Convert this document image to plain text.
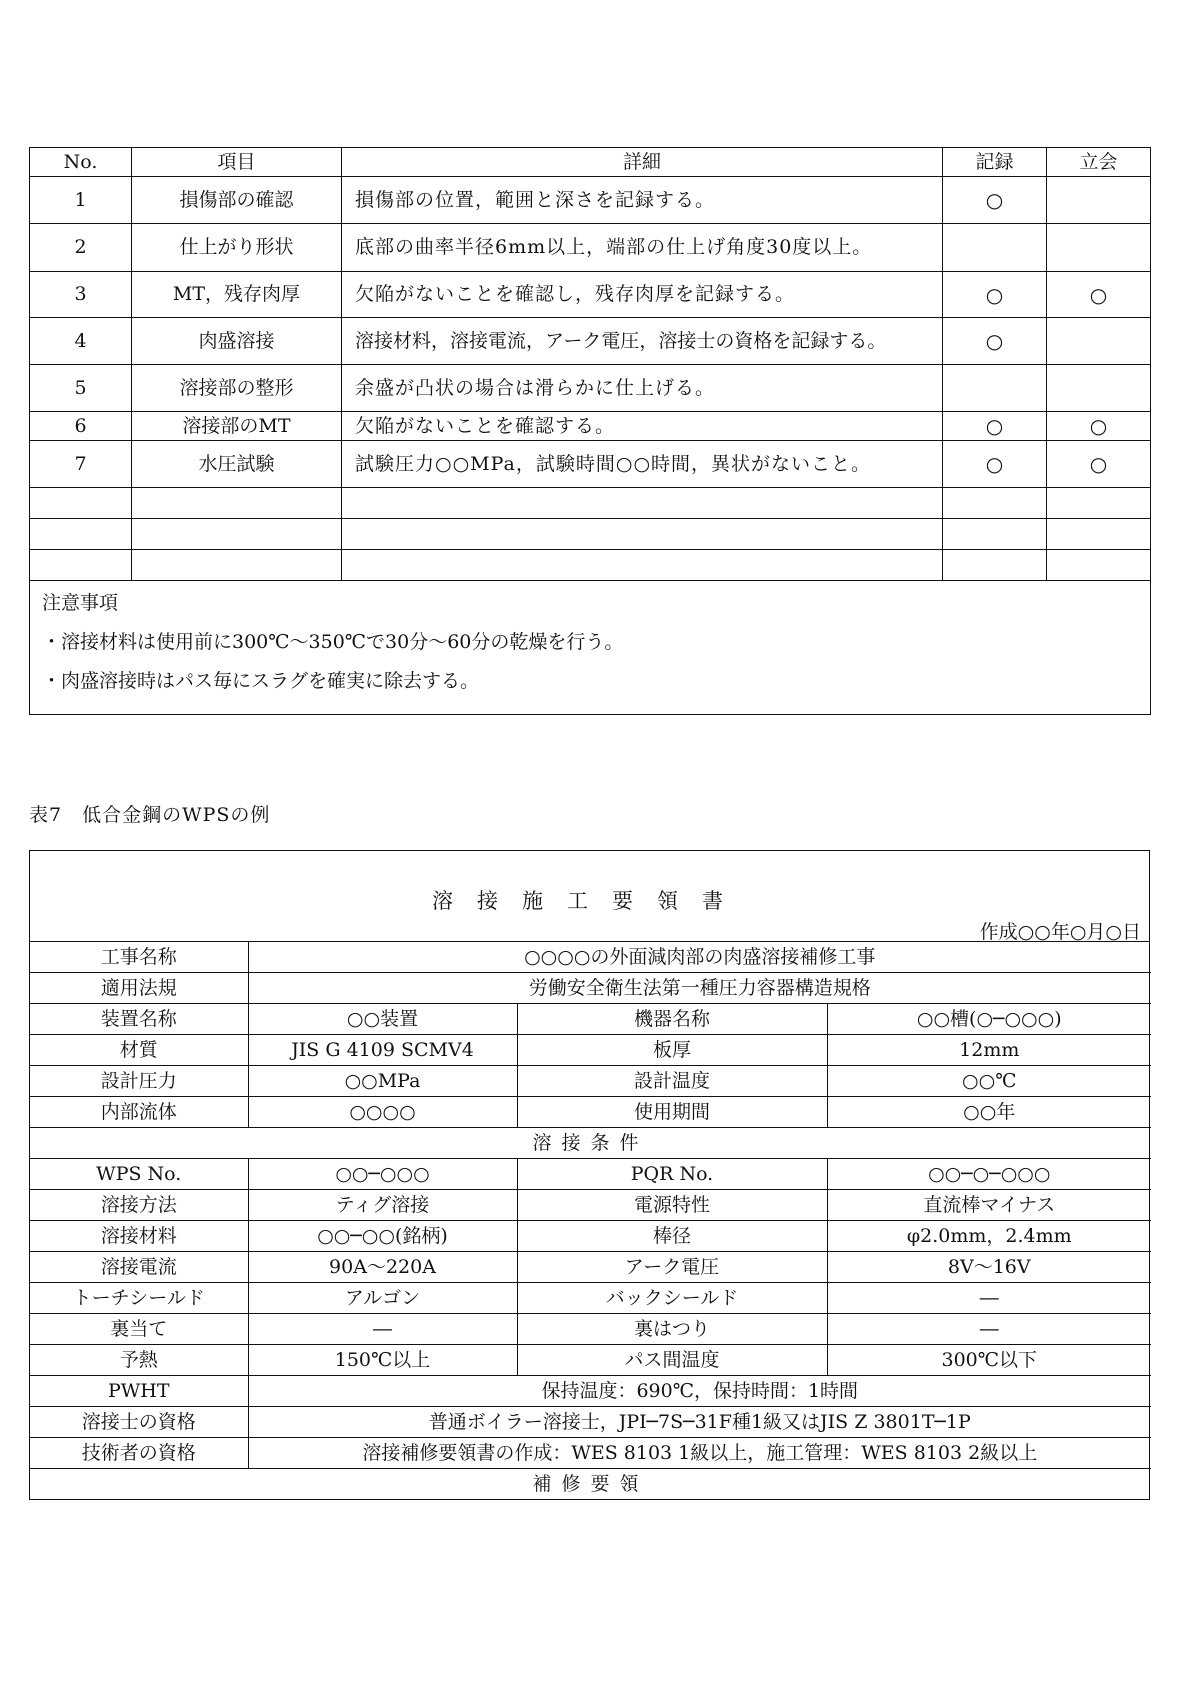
No.	項目	詳細	記録	立会
1	損傷部の確認	損傷部の位置，範囲と深さを記録する。	○	
2	仕上がり形状	底部の曲率半径6mm以上，端部の仕上げ角度30度以上。		
3	MT，残存肉厚	欠陥がないことを確認し，残存肉厚を記録する。	○	○
4	肉盛溶接	溶接材料，溶接電流，アーク電圧，溶接士の資格を記録する。	○	
5	溶接部の整形	余盛が凸状の場合は滑らかに仕上げる。		
6	溶接部のMT	欠陥がないことを確認する。	○	○
7	水圧試験	試験圧力○○MPa，試験時間○○時間，異状がないこと。	○	○

注意事項
・溶接材料は使用前に300℃～350℃で30分～60分の乾燥を行う。
・肉盛溶接時はパス毎にスラグを確実に除去する。				
表7　低合金鋼のWPSの例
溶接施工要領書
作成○○年○月○日
工事名称	○○○○の外面減肉部の肉盛溶接補修工事		
適用法規	労働安全衛生法第一種圧力容器構造規格		
装置名称	○○装置	機器名称	○○槽(○─○○○)
材質	JIS G 4109 SCMV4	板厚	12mm
設計圧力	○○MPa	設計温度	○○℃
内部流体	○○○○	使用期間	○○年
溶接条件			
WPS No.	○○─○○○	PQR No.	○○─○─○○○
溶接方法	ティグ溶接	電源特性	直流棒マイナス
溶接材料	○○─○○(銘柄)	棒径	φ2.0mm，2.4mm
溶接電流	90A～220A	アーク電圧	8V～16V
トーチシールド	アルゴン	バックシールド	―
裏当て	―	裏はつり	―
予熱	150℃以上	パス間温度	300℃以下
PWHT	保持温度：690℃，保持時間：1時間		
溶接士の資格	普通ボイラー溶接士，JPI─7S─31F種1級又はJIS Z 3801T─1P		
技術者の資格	溶接補修要領書の作成：WES 8103 1級以上，施工管理：WES 8103 2級以上		
補修要領			
